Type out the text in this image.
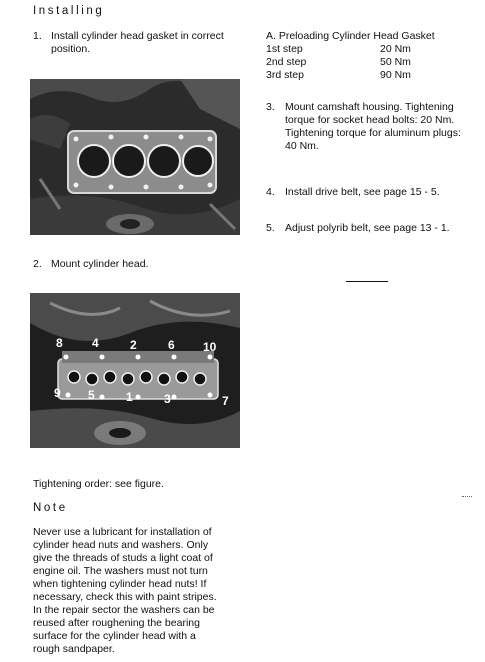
Installing
1. Install cylinder head gasket in correct position.
2. Mount cylinder head.
8 4	2	6 10
9 5	1	3	7
Tightening order: see figure.
Note
Never use a lubricant for installation of
cylinder head nuts and washers. Only
give the threads of studs a light coat of
engine oil. The washers must not turn
when tightening cylinder head nuts! If
necessary, check this with paint stripes.
In the repair sector the washers can be
reused after roughening the bearing
surface for the cylinder head with a
rough sandpaper.
A. Preloading Cylinder Head Gasket
1st step	20 Nm
2nd step	50 Nm
3rd step	90 Nm
3. Mount camshaft housing. Tightening torque for socket head bolts: 20 Nm. Tightening torque for aluminum plugs: 40 Nm.
4. Install drive belt, see page 15 - 5.
5. Adjust polyrib belt, see page 13 - 1.
